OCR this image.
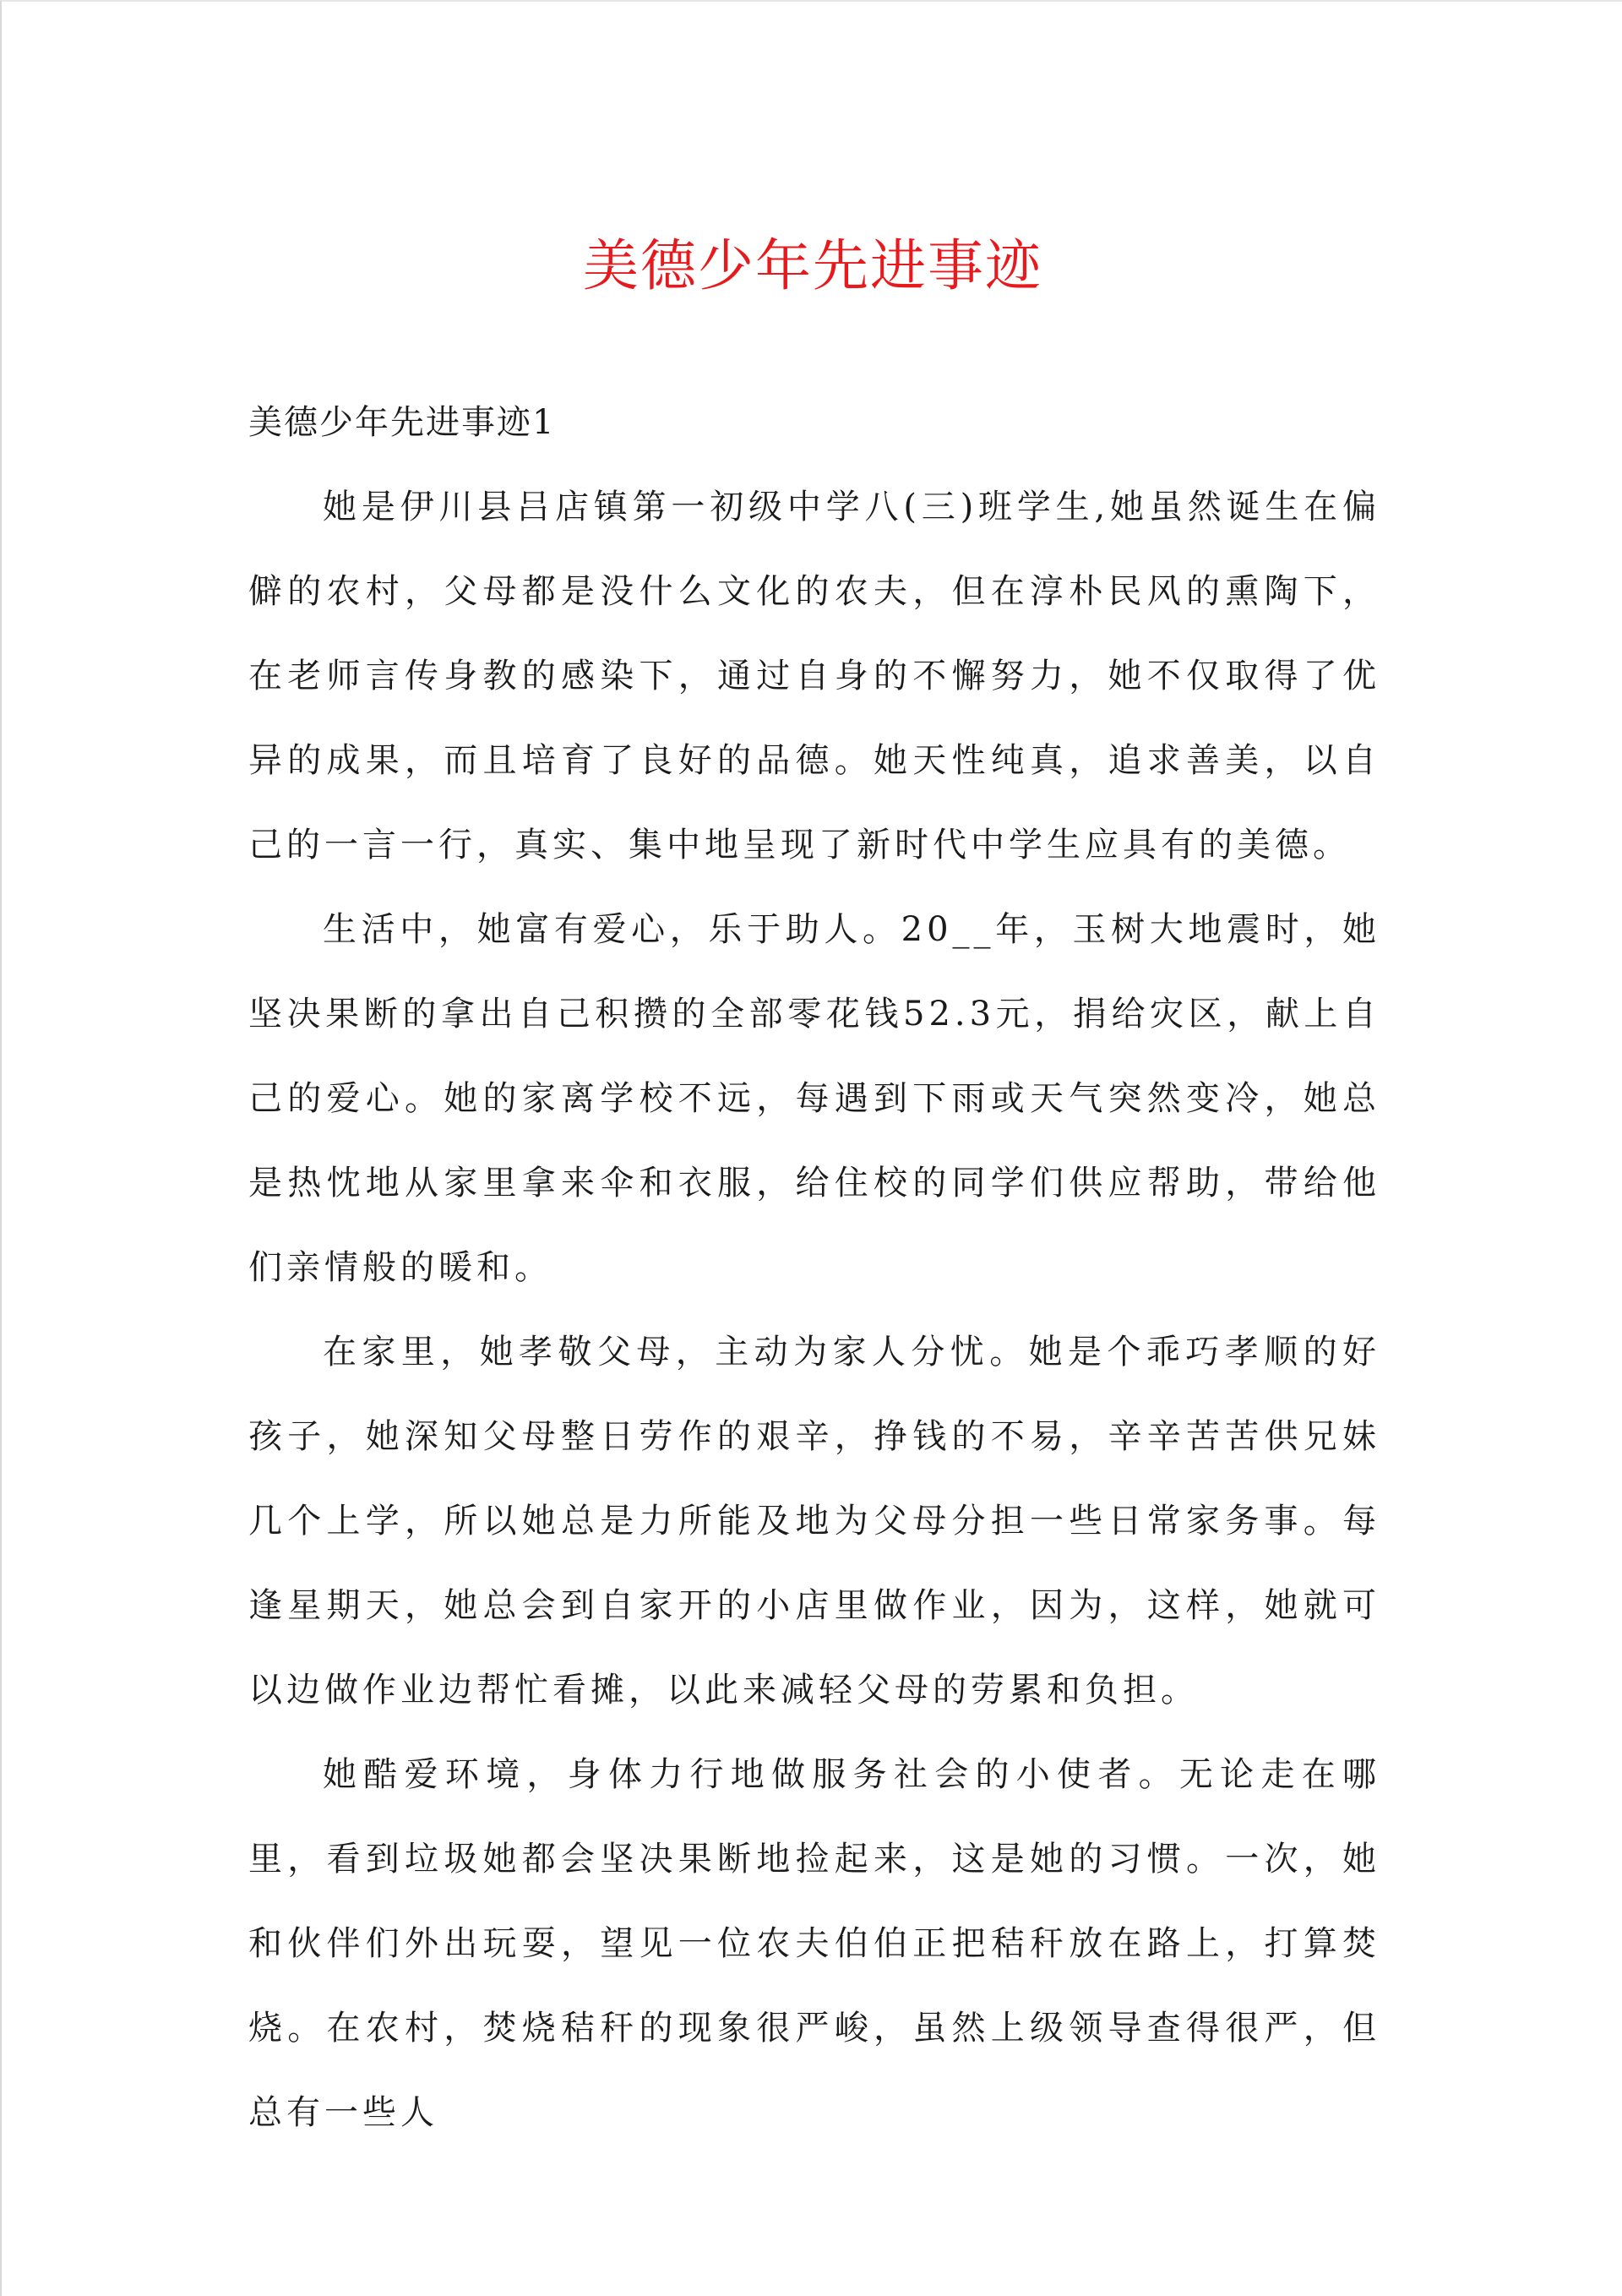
美德少年先进事迹
美德少年先进事迹1

她是伊川县吕店镇第一初级中学八(三)班学生,她虽然诞生在偏僻的农村，父母都是没什么文化的农夫，但在淳朴民风的熏陶下，在老师言传身教的感染下，通过自身的不懈努力，她不仅取得了优异的成果，而且培育了良好的品德。她天性纯真，追求善美，以自己的一言一行，真实、集中地呈现了新时代中学生应具有的美德。

生活中，她富有爱心，乐于助人。20__年，玉树大地震时，她坚决果断的拿出自己积攒的全部零花钱52.3元，捐给灾区，献上自己的爱心。她的家离学校不远，每遇到下雨或天气突然变冷，她总是热忱地从家里拿来伞和衣服，给住校的同学们供应帮助，带给他们亲情般的暖和。

在家里，她孝敬父母，主动为家人分忧。她是个乖巧孝顺的好孩子，她深知父母整日劳作的艰辛，挣钱的不易，辛辛苦苦供兄妹几个上学，所以她总是力所能及地为父母分担一些日常家务事。每逢星期天，她总会到自家开的小店里做作业，因为，这样，她就可以边做作业边帮忙看摊，以此来减轻父母的劳累和负担。

她酷爱环境，身体力行地做服务社会的小使者。无论走在哪里，看到垃圾她都会坚决果断地捡起来，这是她的习惯。一次，她和伙伴们外出玩耍，望见一位农夫伯伯正把秸秆放在路上，打算焚烧。在农村，焚烧秸秆的现象很严峻，虽然上级领导查得很严，但总有一些人
